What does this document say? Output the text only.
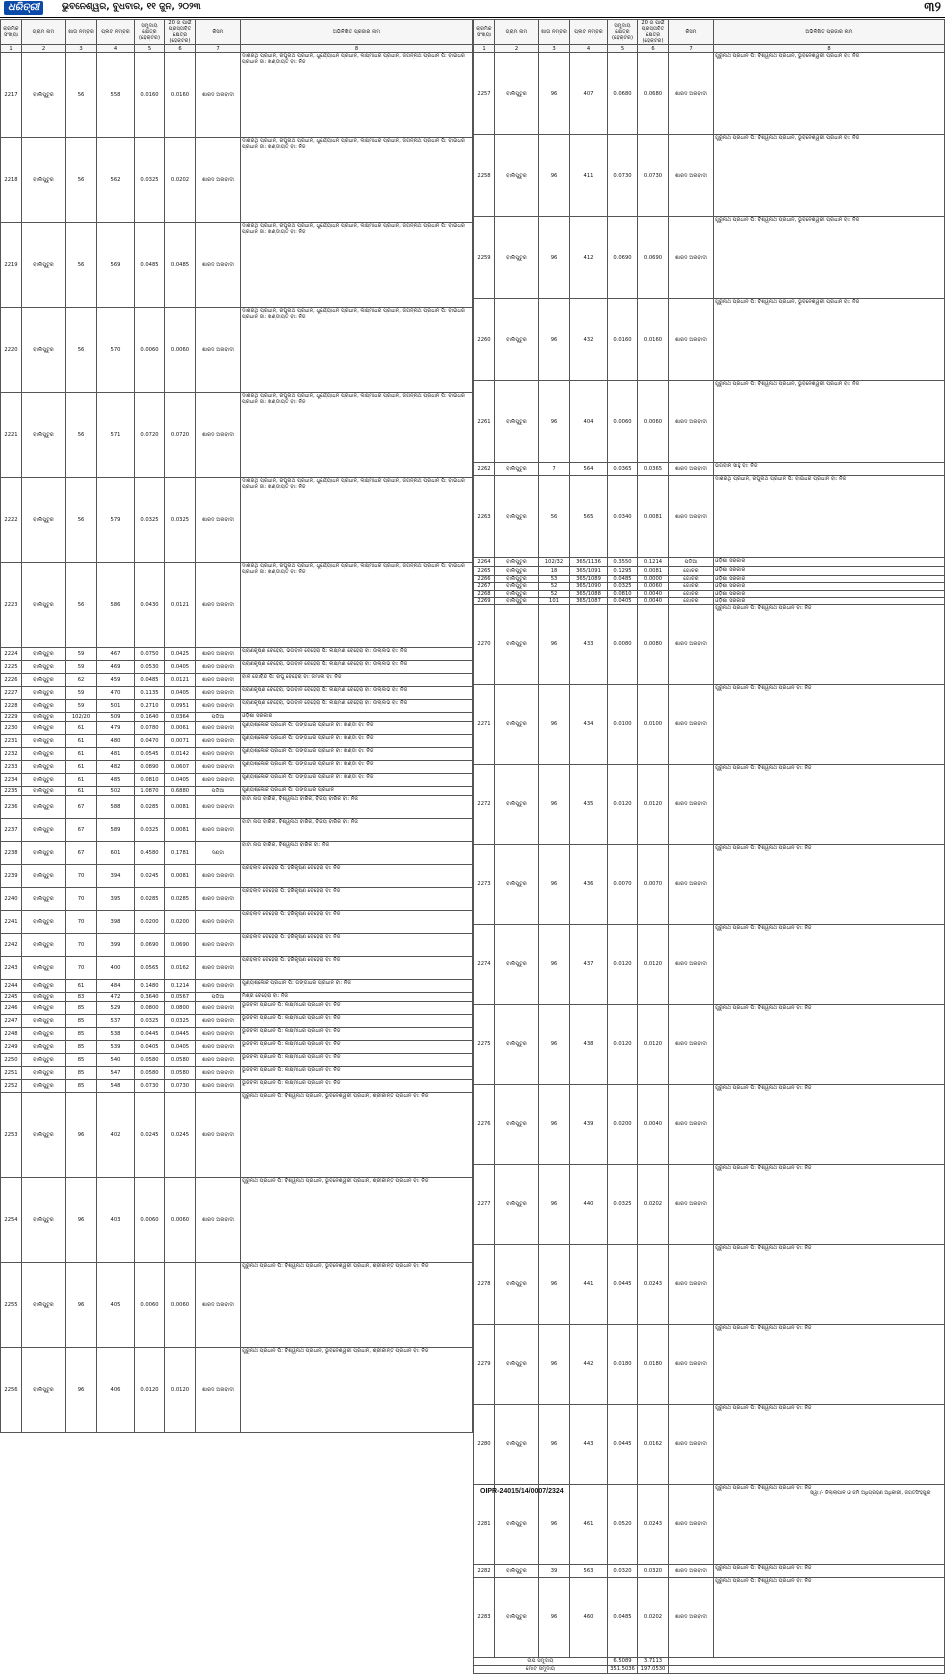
ଧରିତ୍ରୀ	ଭୁବନେଶ୍ୱର, ବୁଧବାର, ୧୧ ଜୁନ, ୨୦୨୩	୩୨
କ୍ରମିକ ସଂଖ୍ୟା	ଗ୍ରାମ ନାମ	ଖାତା ନମ୍ବର	ପ୍ଲଟ ନମ୍ବର	ସମୁଦାୟ କ୍ଷେତ୍ର (ହେକ୍ଟର)	20 ଗ ପାଇଁ ପ୍ରସ୍ତାବିତ କ୍ଷେତ୍ର (ହେକ୍ଟର)	କିସମ	ଅଭିଳିଖିତ ପ୍ରଜାର ନାମ
1	2	3	4	5	6	7	8
2217	ବାଲିପୁଟୁର	56	558	0.0160	0.0160	ଶାରଦ ଅନାବାଦୀ	ଦାଶରଥି ପ୍ରଧାନ, ରଘୁନାଥ ପ୍ରଧାନ, ଧୁର୍ଯ୍ୟୋଧନ ପ୍ରଧାନ, ଲକ୍ଷ୍ମୀଧର ପ୍ରଧାନ, ଜଗନ୍ନାଥ ପ୍ରଧାନ ପି: ବାଇଧର ପ୍ରଧାନ ଜା: ଖଣ୍ଡାୟତ ବା: ନିଜ
2218	ବାଲିପୁଟୁର	56	562	0.0325	0.0202	ଶାରଦ ଅନାବାଦୀ	ଦାଶରଥି ପ୍ରଧାନ, ରଘୁନାଥ ପ୍ରଧାନ, ଧୁର୍ଯ୍ୟୋଧନ ପ୍ରଧାନ, ଲକ୍ଷ୍ମୀଧର ପ୍ରଧାନ, ଜଗନ୍ନାଥ ପ୍ରଧାନ ପି: ବାଇଧର ପ୍ରଧାନ ଜା: ଖଣ୍ଡାୟତ ବା: ନିଜ
2219	ବାଲିପୁଟୁର	56	569	0.0485	0.0485	ଶାରଦ ଅନାବାଦୀ	ଦାଶରଥି ପ୍ରଧାନ, ରଘୁନାଥ ପ୍ରଧାନ, ଧୁର୍ଯ୍ୟୋଧନ ପ୍ରଧାନ, ଲକ୍ଷ୍ମୀଧର ପ୍ରଧାନ, ଜଗନ୍ନାଥ ପ୍ରଧାନ ପି: ବାଇଧର ପ୍ରଧାନ ଜା: ଖଣ୍ଡାୟତ ବା: ନିଜ
2220	ବାଲିପୁଟୁର	56	570	0.0060	0.0060	ଶାରଦ ଅନାବାଦୀ	ଦାଶରଥି ପ୍ରଧାନ, ରଘୁନାଥ ପ୍ରଧାନ, ଧୁର୍ଯ୍ୟୋଧନ ପ୍ରଧାନ, ଲକ୍ଷ୍ମୀଧର ପ୍ରଧାନ, ଜଗନ୍ନାଥ ପ୍ରଧାନ ପି: ବାଇଧର ପ୍ରଧାନ ଜା: ଖଣ୍ଡାୟତ ବା: ନିଜ
2221	ବାଲିପୁଟୁର	56	571	0.0720	0.0720	ଶାରଦ ଅନାବାଦୀ	ଦାଶରଥି ପ୍ରଧାନ, ରଘୁନାଥ ପ୍ରଧାନ, ଧୁର୍ଯ୍ୟୋଧନ ପ୍ରଧାନ, ଲକ୍ଷ୍ମୀଧର ପ୍ରଧାନ, ଜଗନ୍ନାଥ ପ୍ରଧାନ ପି: ବାଇଧର ପ୍ରଧାନ ଜା: ଖଣ୍ଡାୟତ ବା: ନିଜ
2222	ବାଲିପୁଟୁର	56	579	0.0325	0.0325	ଶାରଦ ଅନାବାଦୀ	ଦାଶରଥି ପ୍ରଧାନ, ରଘୁନାଥ ପ୍ରଧାନ, ଧୁର୍ଯ୍ୟୋଧନ ପ୍ରଧାନ, ଲକ୍ଷ୍ମୀଧର ପ୍ରଧାନ, ଜଗନ୍ନାଥ ପ୍ରଧାନ ପି: ବାଇଧର ପ୍ରଧାନ ଜା: ଖଣ୍ଡାୟତ ବା: ନିଜ
2223	ବାଲିପୁଟୁର	56	586	0.0430	0.0121	ଶାରଦ ଅନାବାଦୀ	ଦାଶରଥି ପ୍ରଧାନ, ରଘୁନାଥ ପ୍ରଧାନ, ଧୁର୍ଯ୍ୟୋଧନ ପ୍ରଧାନ, ଲକ୍ଷ୍ମୀଧର ପ୍ରଧାନ, ଜଗନ୍ନାଥ ପ୍ରଧାନ ପି: ବାଇଧର ପ୍ରଧାନ ଜା: ଖଣ୍ଡାୟତ ବା: ନିଜ
2224	ବାଲିପୁଟୁର	59	467	0.0750	0.0425	ଶାରଦ ଅନାବାଦୀ	ପ୍ରାଣକୃଷ୍ଣ ବେହେରା, ଭଗବାନ ବେହେରା ପି: ଲକ୍ଷ୍ମଣ ବେହେରା ବା: ଉଲ୍ଲଭ ବା: ନିଜ
2225	ବାଲିପୁଟୁର	59	469	0.0530	0.0405	ଶାରଦ ଅନାବାଦୀ	ପ୍ରାଣକୃଷ୍ଣ ବେହେରା, ଭଗବାନ ବେହେରା ପି: ଲକ୍ଷ୍ମଣ ବେହେରା ବା: ଉଲ୍ଲଭ ବା: ନିଜ
2226	ବାଲିପୁଟୁର	62	459	0.0485	0.0121	ଶାରଦ ଅନାବାଦୀ	ବାଳ ଗୋବିନ୍ଦ ପି: ରଘୁ ବେହେରା ବା: ଜମାଲ ବା: ନିଜ
2227	ବାଲିପୁଟୁର	59	470	0.1135	0.0405	ଶାରଦ ଅନାବାଦୀ	ପ୍ରାଣକୃଷ୍ଣ ବେହେରା, ଭଗବାନ ବେହେରା ପି: ଲକ୍ଷ୍ମଣ ବେହେରା ବା: ଉଲ୍ଲଭ ବା: ନିଜ
2228	ବାଲିପୁଟୁର	59	501	0.2710	0.0951	ଶାରଦ ଅନାବାଦୀ	ପ୍ରାଣକୃଷ୍ଣ ବେହେରା, ଭଗବାନ ବେହେରା ପି: ଲକ୍ଷ୍ମଣ ବେହେରା ବା: ଉଲ୍ଲଭ ବା: ନିଜ
2229	ବାଲିପୁଟୁର	102/20	509	0.1640	0.0364	ପଡିଆ	ଓଡ଼ିଶା ସରକାର
2230	ବାଲିପୁଟୁର	61	479	0.0780	0.0061	ଶାରଦ ଅନାବାଦୀ	ପୁଣ୍ୟଶ୍ଳୋକ ପ୍ରଧାନ ପି: ଗଙ୍ଗାଧର ପ୍ରଧାନ ବା: ଖଣ୍ଡା ବା: ନିଜ
2231	ବାଲିପୁଟୁର	61	480	0.0470	0.0071	ଶାରଦ ଅନାବାଦୀ	ପୁଣ୍ୟଶ୍ଳୋକ ପ୍ରଧାନ ପି: ଗଙ୍ଗାଧର ପ୍ରଧାନ ବା: ଖଣ୍ଡା ବା: ନିଜ
2232	ବାଲିପୁଟୁର	61	481	0.0545	0.0142	ଶାରଦ ଅନାବାଦୀ	ପୁଣ୍ୟଶ୍ଳୋକ ପ୍ରଧାନ ପି: ଗଙ୍ଗାଧର ପ୍ରଧାନ ବା: ଖଣ୍ଡା ବା: ନିଜ
2233	ବାଲିପୁଟୁର	61	482	0.0890	0.0607	ଶାରଦ ଅନାବାଦୀ	ପୁଣ୍ୟଶ୍ଳୋକ ପ୍ରଧାନ ପି: ଗଙ୍ଗାଧର ପ୍ରଧାନ ବା: ଖଣ୍ଡା ବା: ନିଜ
2234	ବାଲିପୁଟୁର	61	485	0.0810	0.0405	ଶାରଦ ଅନାବାଦୀ	ପୁଣ୍ୟଶ୍ଳୋକ ପ୍ରଧାନ ପି: ଗଙ୍ଗାଧର ପ୍ରଧାନ ବା: ଖଣ୍ଡା ବା: ନିଜ
2235	ବାଲିପୁଟୁର	61	502	1.0870	0.6880	ପଡିଆ	ପୁଣ୍ୟଶ୍ଳୋକ ପ୍ରଧାନ ପି: ଗଙ୍ଗାଧର ପ୍ରଧାନ
2236	ବାଲିପୁଟୁର	67	588	0.0285	0.0081	ଶାରଦ ଅନାବାଦୀ	ବାଟା ନାଗ ବାରିକ, ବିଶ୍ୱନାଥ ବାରିକ, ବିଜୟ ବାରିକ ବା: ନିଜ
2237	ବାଲିପୁଟୁର	67	589	0.0325	0.0081	ଶାରଦ ଅନାବାଦୀ	ବାଟା ନାଗ ବାରିକ, ବିଶ୍ୱନାଥ ବାରିକ, ବିଜୟ ବାରିକ ବା: ନିଜ
2238	ବାଲିପୁଟୁର	67	601	0.4580	0.1781	ଦଣ୍ଡା	ବାଟା ନାଗ ବାରିକ, ବିଶ୍ୱନାଥ ବାରିକ ବା: ନିଜ
2239	ବାଲିପୁଟୁର	70	394	0.0245	0.0081	ଶାରଦ ଅନାବାଦୀ	ପ୍ରହଲାଦ ବେହେରା ପି: ହରିକୃଷ୍ଣ ବେହେରା ବା: ନିଜ
2240	ବାଲିପୁଟୁର	70	395	0.0285	0.0285	ଶାରଦ ଅନାବାଦୀ	ପ୍ରହଲାଦ ବେହେରା ପି: ହରିକୃଷ୍ଣ ବେହେରା ବା: ନିଜ
2241	ବାଲିପୁଟୁର	70	398	0.0200	0.0200	ଶାରଦ ଅନାବାଦୀ	ପ୍ରହଲାଦ ବେହେରା ପି: ହରିକୃଷ୍ଣ ବେହେରା ବା: ନିଜ
2242	ବାଲିପୁଟୁର	70	399	0.0690	0.0690	ଶାରଦ ଅନାବାଦୀ	ପ୍ରହଲାଦ ବେହେରା ପି: ହରିକୃଷ୍ଣ ବେହେରା ବା: ନିଜ
2243	ବାଲିପୁଟୁର	70	400	0.0565	0.0162	ଶାରଦ ଅନାବାଦୀ	ପ୍ରହଲାଦ ବେହେରା ପି: ହରିକୃଷ୍ଣ ବେହେରା ବା: ନିଜ
2244	ବାଲିପୁଟୁର	61	484	0.1480	0.1214	ଶାରଦ ଅନାବାଦୀ	ପୁଣ୍ୟଶ୍ଳୋକ ପ୍ରଧାନ ପି: ଗଙ୍ଗାଧର ପ୍ରଧାନ ବା: ନିଜ
2245	ବାଲିପୁଟୁର	83	472	0.3640	0.0567	ପଡିଆ	ମିଶ୍ର ବେହେରା ବା: ନିଜ
2246	ବାଲିପୁଟୁର	85	529	0.0800	0.0800	ଶାରଦ ଅନାବାଦୀ	ଭୁଜବଳୀ ପ୍ରଧାନ ପି: ଲକ୍ଷ୍ମୀଧର ପ୍ରଧାନ ବା: ନିଜ
2247	ବାଲିପୁଟୁର	85	537	0.0325	0.0325	ଶାରଦ ଅନାବାଦୀ	ଭୁଜବଳୀ ପ୍ରଧାନ ପି: ଲକ୍ଷ୍ମୀଧର ପ୍ରଧାନ ବା: ନିଜ
2248	ବାଲିପୁଟୁର	85	538	0.0445	0.0445	ଶାରଦ ଅନାବାଦୀ	ଭୁଜବଳୀ ପ୍ରଧାନ ପି: ଲକ୍ଷ୍ମୀଧର ପ୍ରଧାନ ବା: ନିଜ
2249	ବାଲିପୁଟୁର	85	539	0.0405	0.0405	ଶାରଦ ଅନାବାଦୀ	ଭୁଜବଳୀ ପ୍ରଧାନ ପି: ଲକ୍ଷ୍ମୀଧର ପ୍ରଧାନ ବା: ନିଜ
2250	ବାଲିପୁଟୁର	85	540	0.0580	0.0580	ଶାରଦ ଅନାବାଦୀ	ଭୁଜବଳୀ ପ୍ରଧାନ ପି: ଲକ୍ଷ୍ମୀଧର ପ୍ରଧାନ ବା: ନିଜ
2251	ବାଲିପୁଟୁର	85	547	0.0580	0.0580	ଶାରଦ ଅନାବାଦୀ	ଭୁଜବଳୀ ପ୍ରଧାନ ପି: ଲକ୍ଷ୍ମୀଧର ପ୍ରଧାନ ବା: ନିଜ
2252	ବାଲିପୁଟୁର	85	548	0.0730	0.0730	ଶାରଦ ଅନାବାଦୀ	ଭୁଜବଳୀ ପ୍ରଧାନ ପି: ଲକ୍ଷ୍ମୀଧର ପ୍ରଧାନ ବା: ନିଜ
2253	ବାଲିପୁଟୁର	96	402	0.0245	0.0245	ଶାରଦ ଅନାବାଦୀ	ଗୁରୁନାଥ ପ୍ରଧାନ ପି: ବିଶ୍ୱନାଥ ପ୍ରଧାନ, ଭୁବନେଶ୍ୱରୀ ପ୍ରଧାନ, ଶ୍ରୀକାନ୍ତ ପ୍ରଧାନ ବା: ନିଜ
2254	ବାଲିପୁଟୁର	96	403	0.0060	0.0060	ଶାରଦ ଅନାବାଦୀ	ଗୁରୁନାଥ ପ୍ରଧାନ ପି: ବିଶ୍ୱନାଥ ପ୍ରଧାନ, ଭୁବନେଶ୍ୱରୀ ପ୍ରଧାନ, ଶ୍ରୀକାନ୍ତ ପ୍ରଧାନ ବା: ନିଜ
2255	ବାଲିପୁଟୁର	96	405	0.0060	0.0060	ଶାରଦ ଅନାବାଦୀ	ଗୁରୁନାଥ ପ୍ରଧାନ ପି: ବିଶ୍ୱନାଥ ପ୍ରଧାନ, ଭୁବନେଶ୍ୱରୀ ପ୍ରଧାନ, ଶ୍ରୀକାନ୍ତ ପ୍ରଧାନ ବା: ନିଜ
2256	ବାଲିପୁଟୁର	96	406	0.0120	0.0120	ଶାରଦ ଅନାବାଦୀ	ଗୁରୁନାଥ ପ୍ରଧାନ ପି: ବିଶ୍ୱନାଥ ପ୍ରଧାନ, ଭୁବନେଶ୍ୱରୀ ପ୍ରଧାନ, ଶ୍ରୀକାନ୍ତ ପ୍ରଧାନ ବା: ନିଜ
କ୍ରମିକ ସଂଖ୍ୟା	ଗ୍ରାମ ନାମ	ଖାତା ନମ୍ବର	ପ୍ଲଟ ନମ୍ବର	ସମୁଦାୟ କ୍ଷେତ୍ର (ହେକ୍ଟର)	20 ଗ ପାଇଁ ପ୍ରସ୍ତାବିତ କ୍ଷେତ୍ର (ହେକ୍ଟର)	କିସମ	ଅଭିଳିଖିତ ପ୍ରଜାର ନାମ
1	2	3	4	5	6	7	8
2257	ବାଲିପୁଟୁର	96	407	0.0680	0.0680	ଶାରଦ ଅନାବାଦୀ	ଗୁରୁନାଥ ପ୍ରଧାନ ପି: ବିଶ୍ୱନାଥ ପ୍ରଧାନ, ଭୁବନେଶ୍ୱରୀ ପ୍ରଧାନ ବା: ନିଜ
2258	ବାଲିପୁଟୁର	96	411	0.0730	0.0730	ଶାରଦ ଅନାବାଦୀ	ଗୁରୁନାଥ ପ୍ରଧାନ ପି: ବିଶ୍ୱନାଥ ପ୍ରଧାନ, ଭୁବନେଶ୍ୱରୀ ପ୍ରଧାନ ବା: ନିଜ
2259	ବାଲିପୁଟୁର	96	412	0.0690	0.0690	ଶାରଦ ଅନାବାଦୀ	ଗୁରୁନାଥ ପ୍ରଧାନ ପି: ବିଶ୍ୱନାଥ ପ୍ରଧାନ, ଭୁବନେଶ୍ୱରୀ ପ୍ରଧାନ ବା: ନିଜ
2260	ବାଲିପୁଟୁର	96	432	0.0160	0.0160	ଶାରଦ ଅନାବାଦୀ	ଗୁରୁନାଥ ପ୍ରଧାନ ପି: ବିଶ୍ୱନାଥ ପ୍ରଧାନ, ଭୁବନେଶ୍ୱରୀ ପ୍ରଧାନ ବା: ନିଜ
2261	ବାଲିପୁଟୁର	96	404	0.0060	0.0060	ଶାରଦ ଅନାବାଦୀ	ଗୁରୁନାଥ ପ୍ରଧାନ ପି: ବିଶ୍ୱନାଥ ପ୍ରଧାନ, ଭୁବନେଶ୍ୱରୀ ପ୍ରଧାନ ବା: ନିଜ
2262	ବାଲିପୁଟୁର	7	564	0.0365	0.0365	ଶାରଦ ଅନାବାଦୀ	ଭଗବାନ ସାହୁ ବା: ନିଜ
2263	ବାଲିପୁଟୁର	56	565	0.0340	0.0081	ଶାରଦ ଅନାବାଦୀ	ଦାଶରଥି ପ୍ରଧାନ, ରଘୁନାଥ ପ୍ରଧାନ ପି: ବାଇଧର ପ୍ରଧାନ ବା: ନିଜ
2264	ବାଲିପୁଟୁର	102/32	365/1136	0.3550	0.1214	ପଡିଆ	ଓଡ଼ିଶା ସରକାର
2265	ବାଲିପୁଟୁର	18	365/1091	0.1295	0.0081	ଗୋଚର	ଓଡ଼ିଶା ସରକାର
2266	ବାଲିପୁଟୁର	53	365/1089	0.0485	0.0000	ଗୋଚର	ଓଡ଼ିଶା ସରକାର
2267	ବାଲିପୁଟୁର	52	365/1090	0.0325	0.0060	ଗୋଚର	ଓଡ଼ିଶା ସରକାର
2268	ବାଲିପୁଟୁର	52	365/1088	0.0810	0.0040	ଗୋଚର	ଓଡ଼ିଶା ସରକାର
2269	ବାଲିପୁଟୁର	101	365/1087	0.0405	0.0040	ଗୋଚର	ଓଡ଼ିଶା ସରକାର
2270	ବାଲିପୁଟୁର	96	433	0.0080	0.0080	ଶାରଦ ଅନାବାଦୀ	ଗୁରୁନାଥ ପ୍ରଧାନ ପି: ବିଶ୍ୱନାଥ ପ୍ରଧାନ ବା: ନିଜ
2271	ବାଲିପୁଟୁର	96	434	0.0100	0.0100	ଶାରଦ ଅନାବାଦୀ	ଗୁରୁନାଥ ପ୍ରଧାନ ପି: ବିଶ୍ୱନାଥ ପ୍ରଧାନ ବା: ନିଜ
2272	ବାଲିପୁଟୁର	96	435	0.0120	0.0120	ଶାରଦ ଅନାବାଦୀ	ଗୁରୁନାଥ ପ୍ରଧାନ ପି: ବିଶ୍ୱନାଥ ପ୍ରଧାନ ବା: ନିଜ
2273	ବାଲିପୁଟୁର	96	436	0.0070	0.0070	ଶାରଦ ଅନାବାଦୀ	ଗୁରୁନାଥ ପ୍ରଧାନ ପି: ବିଶ୍ୱନାଥ ପ୍ରଧାନ ବା: ନିଜ
2274	ବାଲିପୁଟୁର	96	437	0.0120	0.0120	ଶାରଦ ଅନାବାଦୀ	ଗୁରୁନାଥ ପ୍ରଧାନ ପି: ବିଶ୍ୱନାଥ ପ୍ରଧାନ ବା: ନିଜ
2275	ବାଲିପୁଟୁର	96	438	0.0120	0.0120	ଶାରଦ ଅନାବାଦୀ	ଗୁରୁନାଥ ପ୍ରଧାନ ପି: ବିଶ୍ୱନାଥ ପ୍ରଧାନ ବା: ନିଜ
2276	ବାଲିପୁଟୁର	96	439	0.0200	0.0040	ଶାରଦ ଅନାବାଦୀ	ଗୁରୁନାଥ ପ୍ରଧାନ ପି: ବିଶ୍ୱନାଥ ପ୍ରଧାନ ବା: ନିଜ
2277	ବାଲିପୁଟୁର	96	440	0.0325	0.0202	ଶାରଦ ଅନାବାଦୀ	ଗୁରୁନାଥ ପ୍ରଧାନ ପି: ବିଶ୍ୱନାଥ ପ୍ରଧାନ ବା: ନିଜ
2278	ବାଲିପୁଟୁର	96	441	0.0445	0.0243	ଶାରଦ ଅନାବାଦୀ	ଗୁରୁନାଥ ପ୍ରଧାନ ପି: ବିଶ୍ୱନାଥ ପ୍ରଧାନ ବା: ନିଜ
2279	ବାଲିପୁଟୁର	96	442	0.0180	0.0180	ଶାରଦ ଅନାବାଦୀ	ଗୁରୁନାଥ ପ୍ରଧାନ ପି: ବିଶ୍ୱନାଥ ପ୍ରଧାନ ବା: ନିଜ
2280	ବାଲିପୁଟୁର	96	443	0.0445	0.0162	ଶାରଦ ଅନାବାଦୀ	ଗୁରୁନାଥ ପ୍ରଧାନ ପି: ବିଶ୍ୱନାଥ ପ୍ରଧାନ ବା: ନିଜ
2281	ବାଲିପୁଟୁର	96	461	0.0520	0.0243	ଶାରଦ ଅନାବାଦୀ	ଗୁରୁନାଥ ପ୍ରଧାନ ପି: ବିଶ୍ୱନାଥ ପ୍ରଧାନ ବା: ନିଜ
2282	ବାଲିପୁଟୁର	39	563	0.0320	0.0320	ଶାରଦ ଅନାବାଦୀ	ଗୁରୁନାଥ ପ୍ରଧାନ ପି: ବିଶ୍ୱନାଥ ପ୍ରଧାନ ବା: ନିଜ
2283	ବାଲିପୁଟୁର	96	460	0.0485	0.0202	ଶାରଦ ଅନାବାଦୀ	ଗୁରୁନାଥ ପ୍ରଧାନ ପି: ବିଶ୍ୱନାଥ ପ୍ରଧାନ ବା: ନିଜ
ଉପ ସମୁଦାୟ				6.5089	3.7113		
ମୋଟ ସମୁଦାୟ				351.5036	197.0530		
OIPR-24015/14/0007/2324	ସ୍ୱା:/- ଜିଲ୍ଲାପାଳ ଓ ଜମି ଅଧିଗ୍ରହଣ ଅଧିକାରୀ, ଜଗତସିଂହପୁର
